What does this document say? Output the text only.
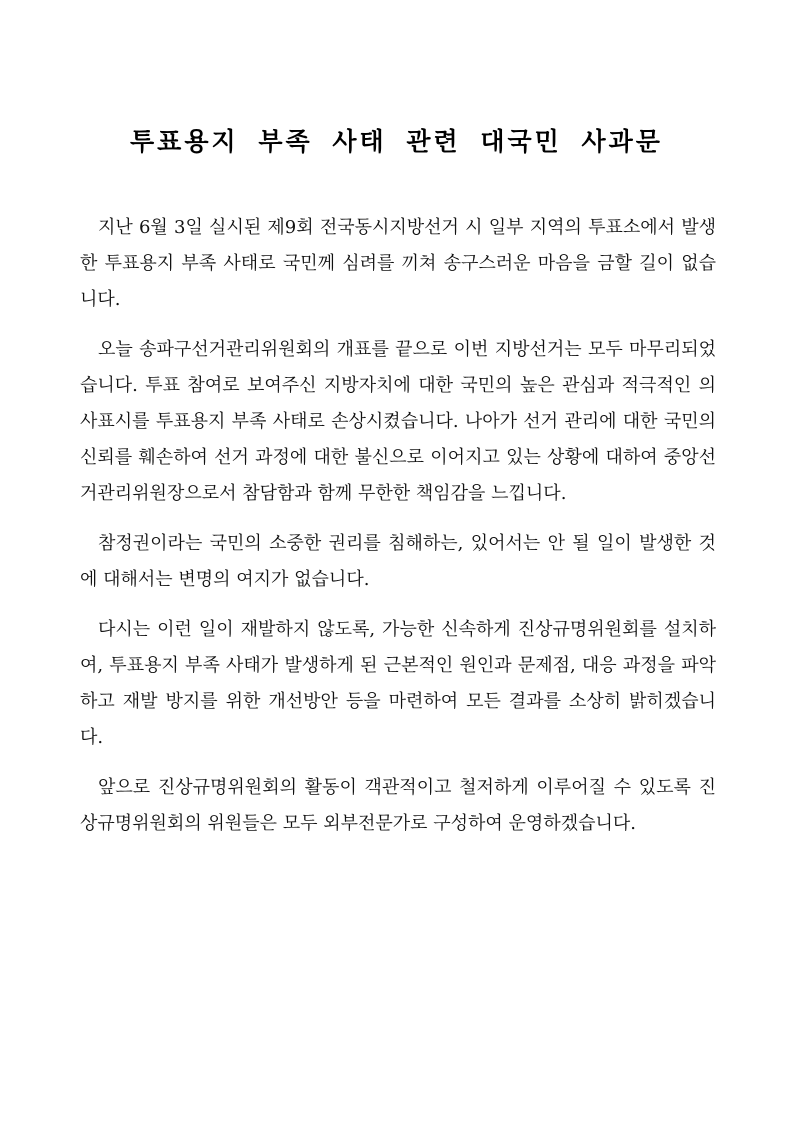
투표용지 부족 사태 관련 대국민 사과문

지난 6월 3일 실시된 제9회 전국동시지방선거 시 일부 지역의 투표소에서 발생한 투표용지 부족 사태로 국민께 심려를 끼쳐 송구스러운 마음을 금할 길이 없습니다.

오늘 송파구선거관리위원회의 개표를 끝으로 이번 지방선거는 모두 마무리되었습니다. 투표 참여로 보여주신 지방자치에 대한 국민의 높은 관심과 적극적인 의사표시를 투표용지 부족 사태로 손상시켰습니다. 나아가 선거 관리에 대한 국민의 신뢰를 훼손하여 선거 과정에 대한 불신으로 이어지고 있는 상황에 대하여 중앙선거관리위원장으로서 참담함과 함께 무한한 책임감을 느낍니다.

참정권이라는 국민의 소중한 권리를 침해하는, 있어서는 안 될 일이 발생한 것에 대해서는 변명의 여지가 없습니다.

다시는 이런 일이 재발하지 않도록, 가능한 신속하게 진상규명위원회를 설치하여, 투표용지 부족 사태가 발생하게 된 근본적인 원인과 문제점, 대응 과정을 파악하고 재발 방지를 위한 개선방안 등을 마련하여 모든 결과를 소상히 밝히겠습니다.

앞으로 진상규명위원회의 활동이 객관적이고 철저하게 이루어질 수 있도록 진상규명위원회의 위원들은 모두 외부전문가로 구성하여 운영하겠습니다.
